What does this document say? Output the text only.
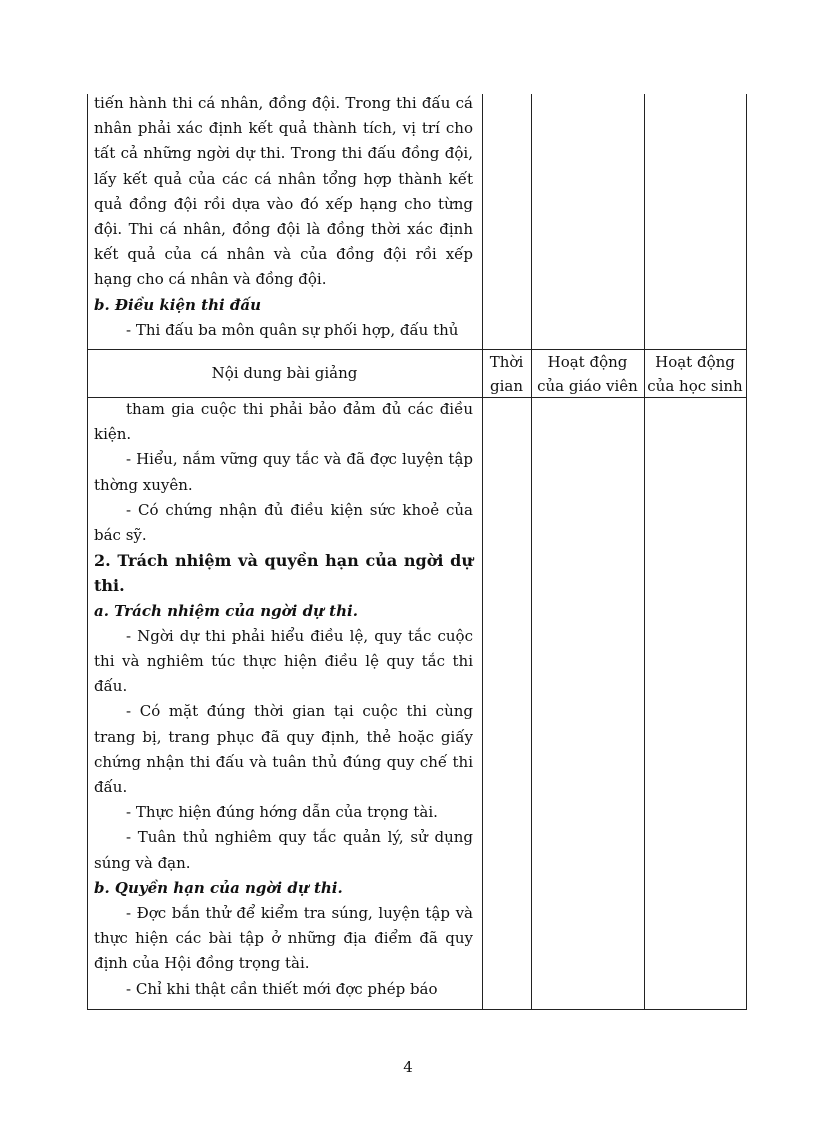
tiến hành thi cá nhân, đồng đội. Trong thi đấu cá nhân phải xác định kết quả thành tích, vị trí cho tất cả những ngời dự thi. Trong thi đấu đồng đội, lấy kết quả của các cá nhân tổng hợp thành kết quả đồng đội rồi dựa vào đó xếp hạng cho từng đội. Thi cá nhân, đồng đội là đồng thời xác định kết quả của cá nhân và của đồng đội rồi xếp hạng cho cá nhân và đồng đội.

b. Điều kiện thi đấu

- Thi đấu ba môn quân sự phối hợp, đấu thủ

Nội dung bài giảng
Thời
gian
Hoạt động
của giáo viên
Hoạt động
của học sinh

tham gia cuộc thi phải bảo đảm đủ các điều kiện.

- Hiểu, nắm vững quy tắc và đã đợc luyện tập thờng xuyên.

- Có chứng nhận đủ điều kiện sức khoẻ của bác sỹ.

2. Trách nhiệm và quyền hạn của ngời dự thi.

a. Trách nhiệm của ngời dự thi.

- Ngời dự thi phải hiểu điều lệ, quy tắc cuộc thi và nghiêm túc thực hiện điều lệ quy tắc thi đấu.

- Có mặt đúng thời gian tại cuộc thi cùng trang bị, trang phục đã quy định, thẻ hoặc giấy chứng nhận thi đấu và tuân thủ đúng quy chế thi đấu.

- Thực hiện đúng hớng dẫn của trọng tài.

- Tuân thủ nghiêm quy tắc quản lý, sử dụng súng và đạn.

b. Quyền hạn của ngời dự thi.

- Đợc bắn thử để kiểm tra súng, luyện tập và thực hiện các bài tập ở những địa điểm đã quy định của Hội đồng trọng tài.

- Chỉ khi thật cần thiết mới đợc phép báo

4
